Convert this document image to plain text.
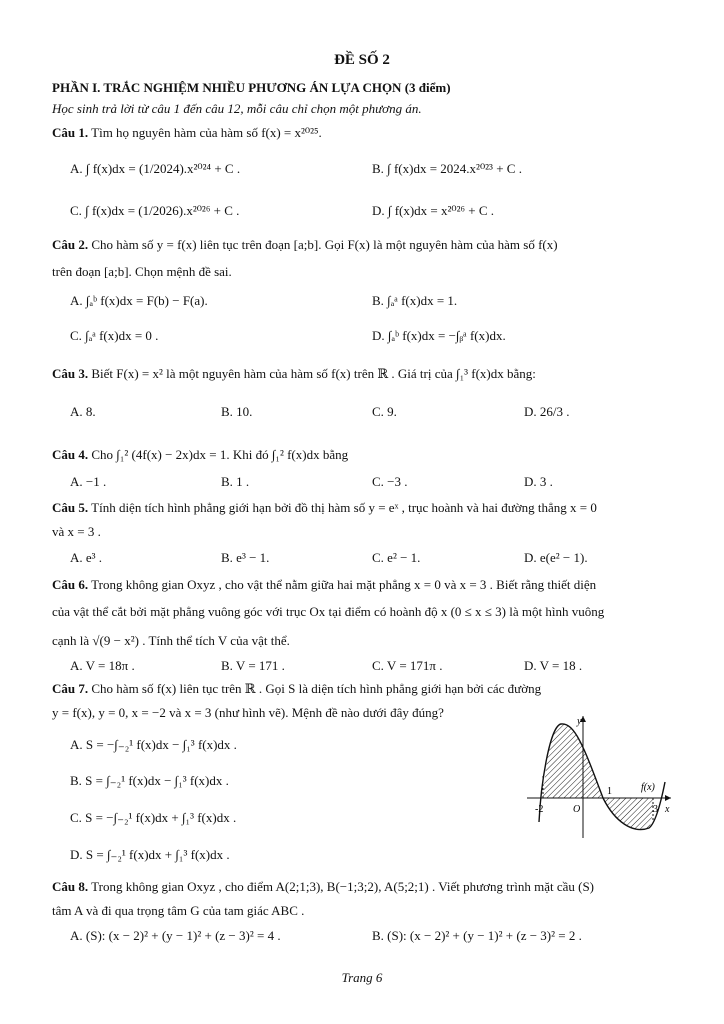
ĐỀ SỐ 2
PHẦN I. TRẮC NGHIỆM NHIỀU PHƯƠNG ÁN LỰA CHỌN (3 điểm)
Học sinh trả lời từ câu 1 đến câu 12, mỗi câu chỉ chọn một phương án.
Câu 1. Tìm họ nguyên hàm của hàm số f(x) = x²⁰²⁵.
A. ∫ f(x)dx = (1/2024).x²⁰²⁴ + C .	B. ∫ f(x)dx = 2024.x²⁰²³ + C .
C. ∫ f(x)dx = (1/2026).x²⁰²⁶ + C .	D. ∫ f(x)dx = x²⁰²⁶ + C .
Câu 2. Cho hàm số y = f(x) liên tục trên đoạn [a;b]. Gọi F(x) là một nguyên hàm của hàm số f(x)
trên đoạn [a;b]. Chọn mệnh đề sai.
A. ∫ₐᵇ f(x)dx = F(b) − F(a).	B. ∫ₐᵃ f(x)dx = 1.
C. ∫ₐᵃ f(x)dx = 0 .	D. ∫ₐᵇ f(x)dx = −∫ᵦᵃ f(x)dx.
Câu 3. Biết F(x) = x² là một nguyên hàm của hàm số f(x) trên ℝ . Giá trị của ∫₁³ f(x)dx bằng:
A. 8.	B. 10.	C. 9.	D. 26/3 .
Câu 4. Cho ∫₁² (4f(x) − 2x)dx = 1. Khi đó ∫₁² f(x)dx bằng
A. −1 .	B. 1 .	C. −3 .	D. 3 .
Câu 5. Tính diện tích hình phẳng giới hạn bởi đồ thị hàm số y = eˣ , trục hoành và hai đường thẳng x = 0
và x = 3 .
A. e³ .	B. e³ − 1.	C. e² − 1.	D. e(e² − 1).
Câu 6. Trong không gian Oxyz , cho vật thể nằm giữa hai mặt phẳng x = 0 và x = 3 . Biết rằng thiết diện
của vật thể cắt bởi mặt phẳng vuông góc với trục Ox tại điểm có hoành độ x (0 ≤ x ≤ 3) là một hình vuông
cạnh là √(9 − x²) . Tính thể tích V của vật thể.
A. V = 18π .	B. V = 171 .	C. V = 171π .	D. V = 18 .
Câu 7. Cho hàm số f(x) liên tục trên ℝ . Gọi S là diện tích hình phẳng giới hạn bởi các đường
y = f(x), y = 0, x = −2 và x = 3 (như hình vẽ). Mệnh đề nào dưới đây đúng?
A. S = −∫₋₂¹ f(x)dx − ∫₁³ f(x)dx .
B. S = ∫₋₂¹ f(x)dx − ∫₁³ f(x)dx .
C. S = −∫₋₂¹ f(x)dx + ∫₁³ f(x)dx .
D. S = ∫₋₂¹ f(x)dx + ∫₁³ f(x)dx .
y
x
f(x)
O
-2
1
3
Câu 8. Trong không gian Oxyz , cho điểm A(2;1;3), B(−1;3;2), A(5;2;1) . Viết phương trình mặt cầu (S)
tâm A và đi qua trọng tâm G của tam giác ABC .
A. (S): (x − 2)² + (y − 1)² + (z − 3)² = 4 .	B. (S): (x − 2)² + (y − 1)² + (z − 3)² = 2 .
Trang 6
